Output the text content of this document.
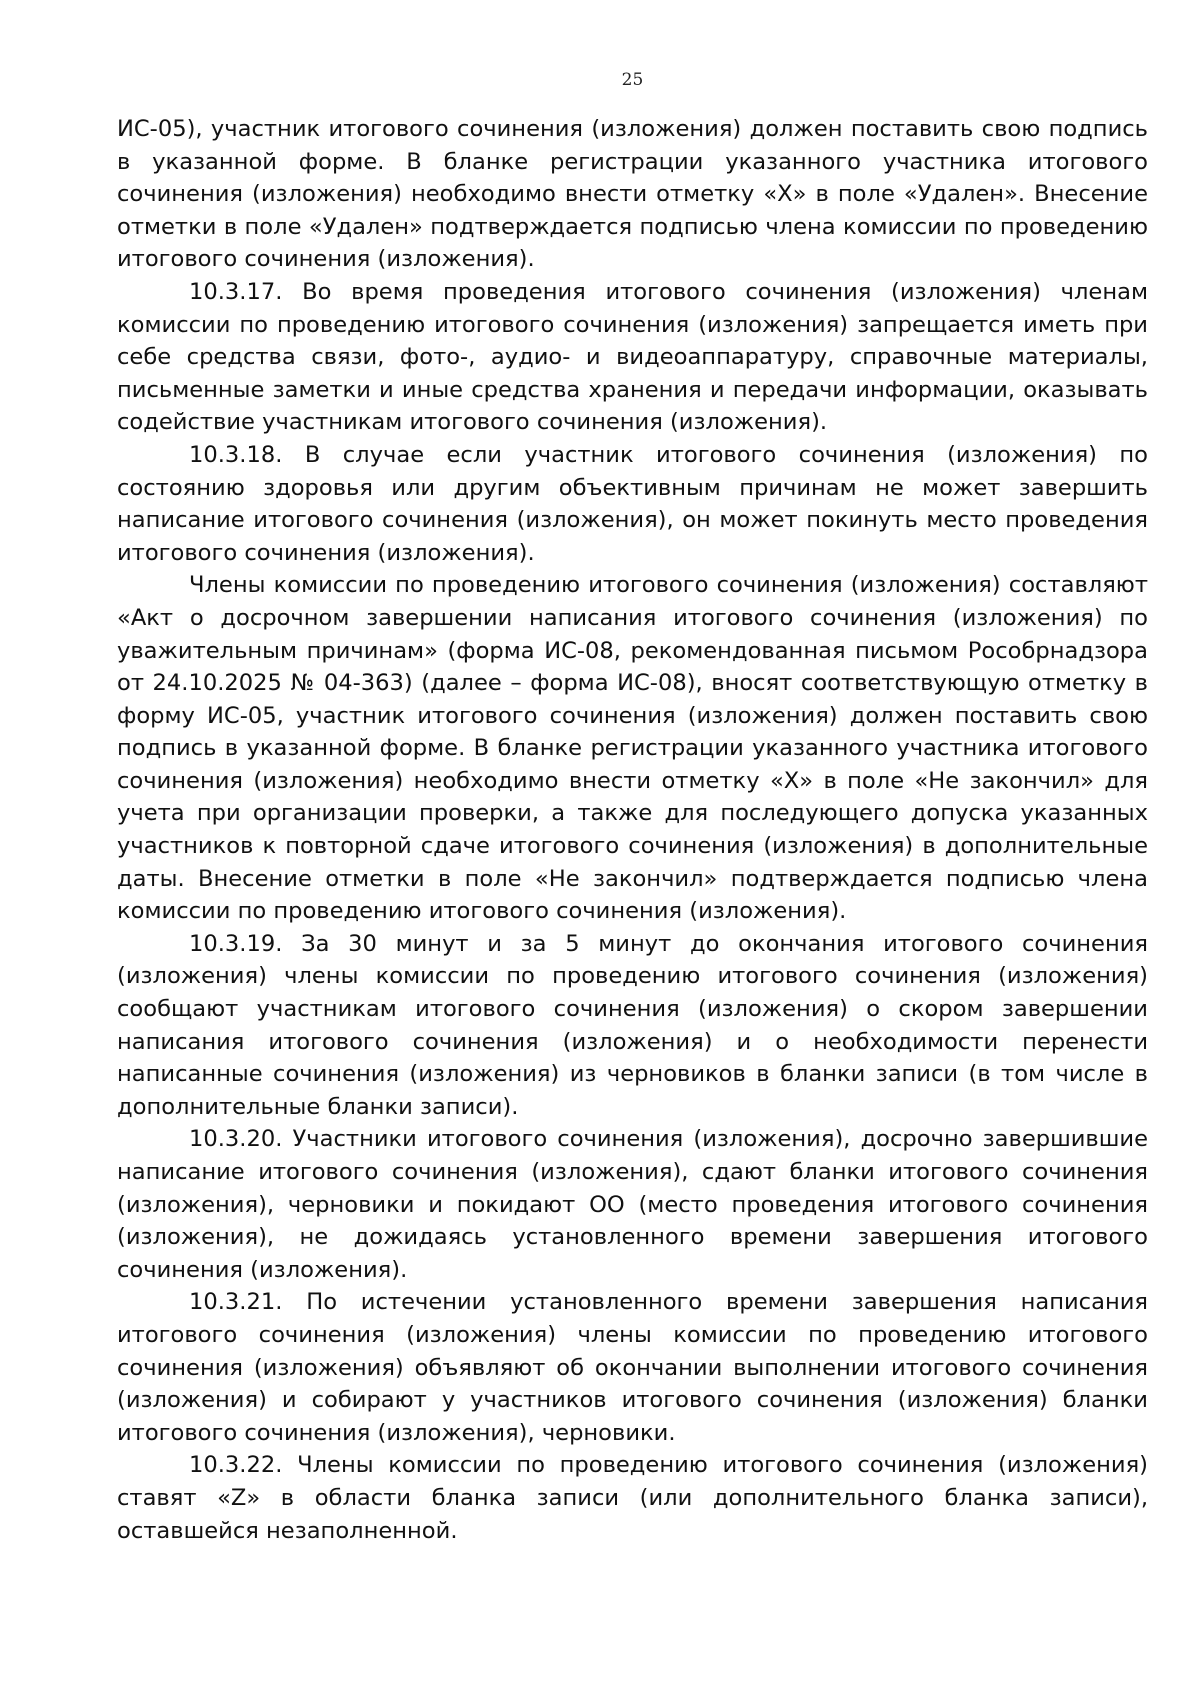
25

ИС-05), участник итогового сочинения (изложения) должен поставить свою подпись в указанной форме. В бланке регистрации указанного участника итогового сочинения (изложения) необходимо внести отметку «X» в поле «Удален». Внесение отметки в поле «Удален» подтверждается подписью члена комиссии по проведению итогового сочинения (изложения).

10.3.17. Во время проведения итогового сочинения (изложения) членам комиссии по проведению итогового сочинения (изложения) запрещается иметь при себе средства связи, фото-, аудио- и видеоаппаратуру, справочные материалы, письменные заметки и иные средства хранения и передачи информации, оказывать содействие участникам итогового сочинения (изложения).

10.3.18. В случае если участник итогового сочинения (изложения) по состоянию здоровья или другим объективным причинам не может завершить написание итогового сочинения (изложения), он может покинуть место проведения итогового сочинения (изложения).

Члены комиссии по проведению итогового сочинения (изложения) составляют «Акт о досрочном завершении написания итогового сочинения (изложения) по уважительным причинам» (форма ИС-08, рекомендованная письмом Рособрнадзора от 24.10.2025 № 04-363) (далее – форма ИС-08), вносят соответствующую отметку в форму ИС-05, участник итогового сочинения (изложения) должен поставить свою подпись в указанной форме. В бланке регистрации указанного участника итогового сочинения (изложения) необходимо внести отметку «X» в поле «Не закончил» для учета при организации проверки, а также для последующего допуска указанных участников к повторной сдаче итогового сочинения (изложения) в дополнительные даты. Внесение отметки в поле «Не закончил» подтверждается подписью члена комиссии по проведению итогового сочинения (изложения).

10.3.19. За 30 минут и за 5 минут до окончания итогового сочинения (изложения) члены комиссии по проведению итогового сочинения (изложения) сообщают участникам итогового сочинения (изложения) о скором завершении написания итогового сочинения (изложения) и о необходимости перенести написанные сочинения (изложения) из черновиков в бланки записи (в том числе в дополнительные бланки записи).

10.3.20. Участники итогового сочинения (изложения), досрочно завершившие написание итогового сочинения (изложения), сдают бланки итогового сочинения (изложения), черновики и покидают ОО (место проведения итогового сочинения (изложения), не дожидаясь установленного времени завершения итогового сочинения (изложения).

10.3.21. По истечении установленного времени завершения написания итогового сочинения (изложения) члены комиссии по проведению итогового сочинения (изложения) объявляют об окончании выполнении итогового сочинения (изложения) и собирают у участников итогового сочинения (изложения) бланки итогового сочинения (изложения), черновики.

10.3.22. Члены комиссии по проведению итогового сочинения (изложения) ставят «Z» в области бланка записи (или дополнительного бланка записи), оставшейся незаполненной.
